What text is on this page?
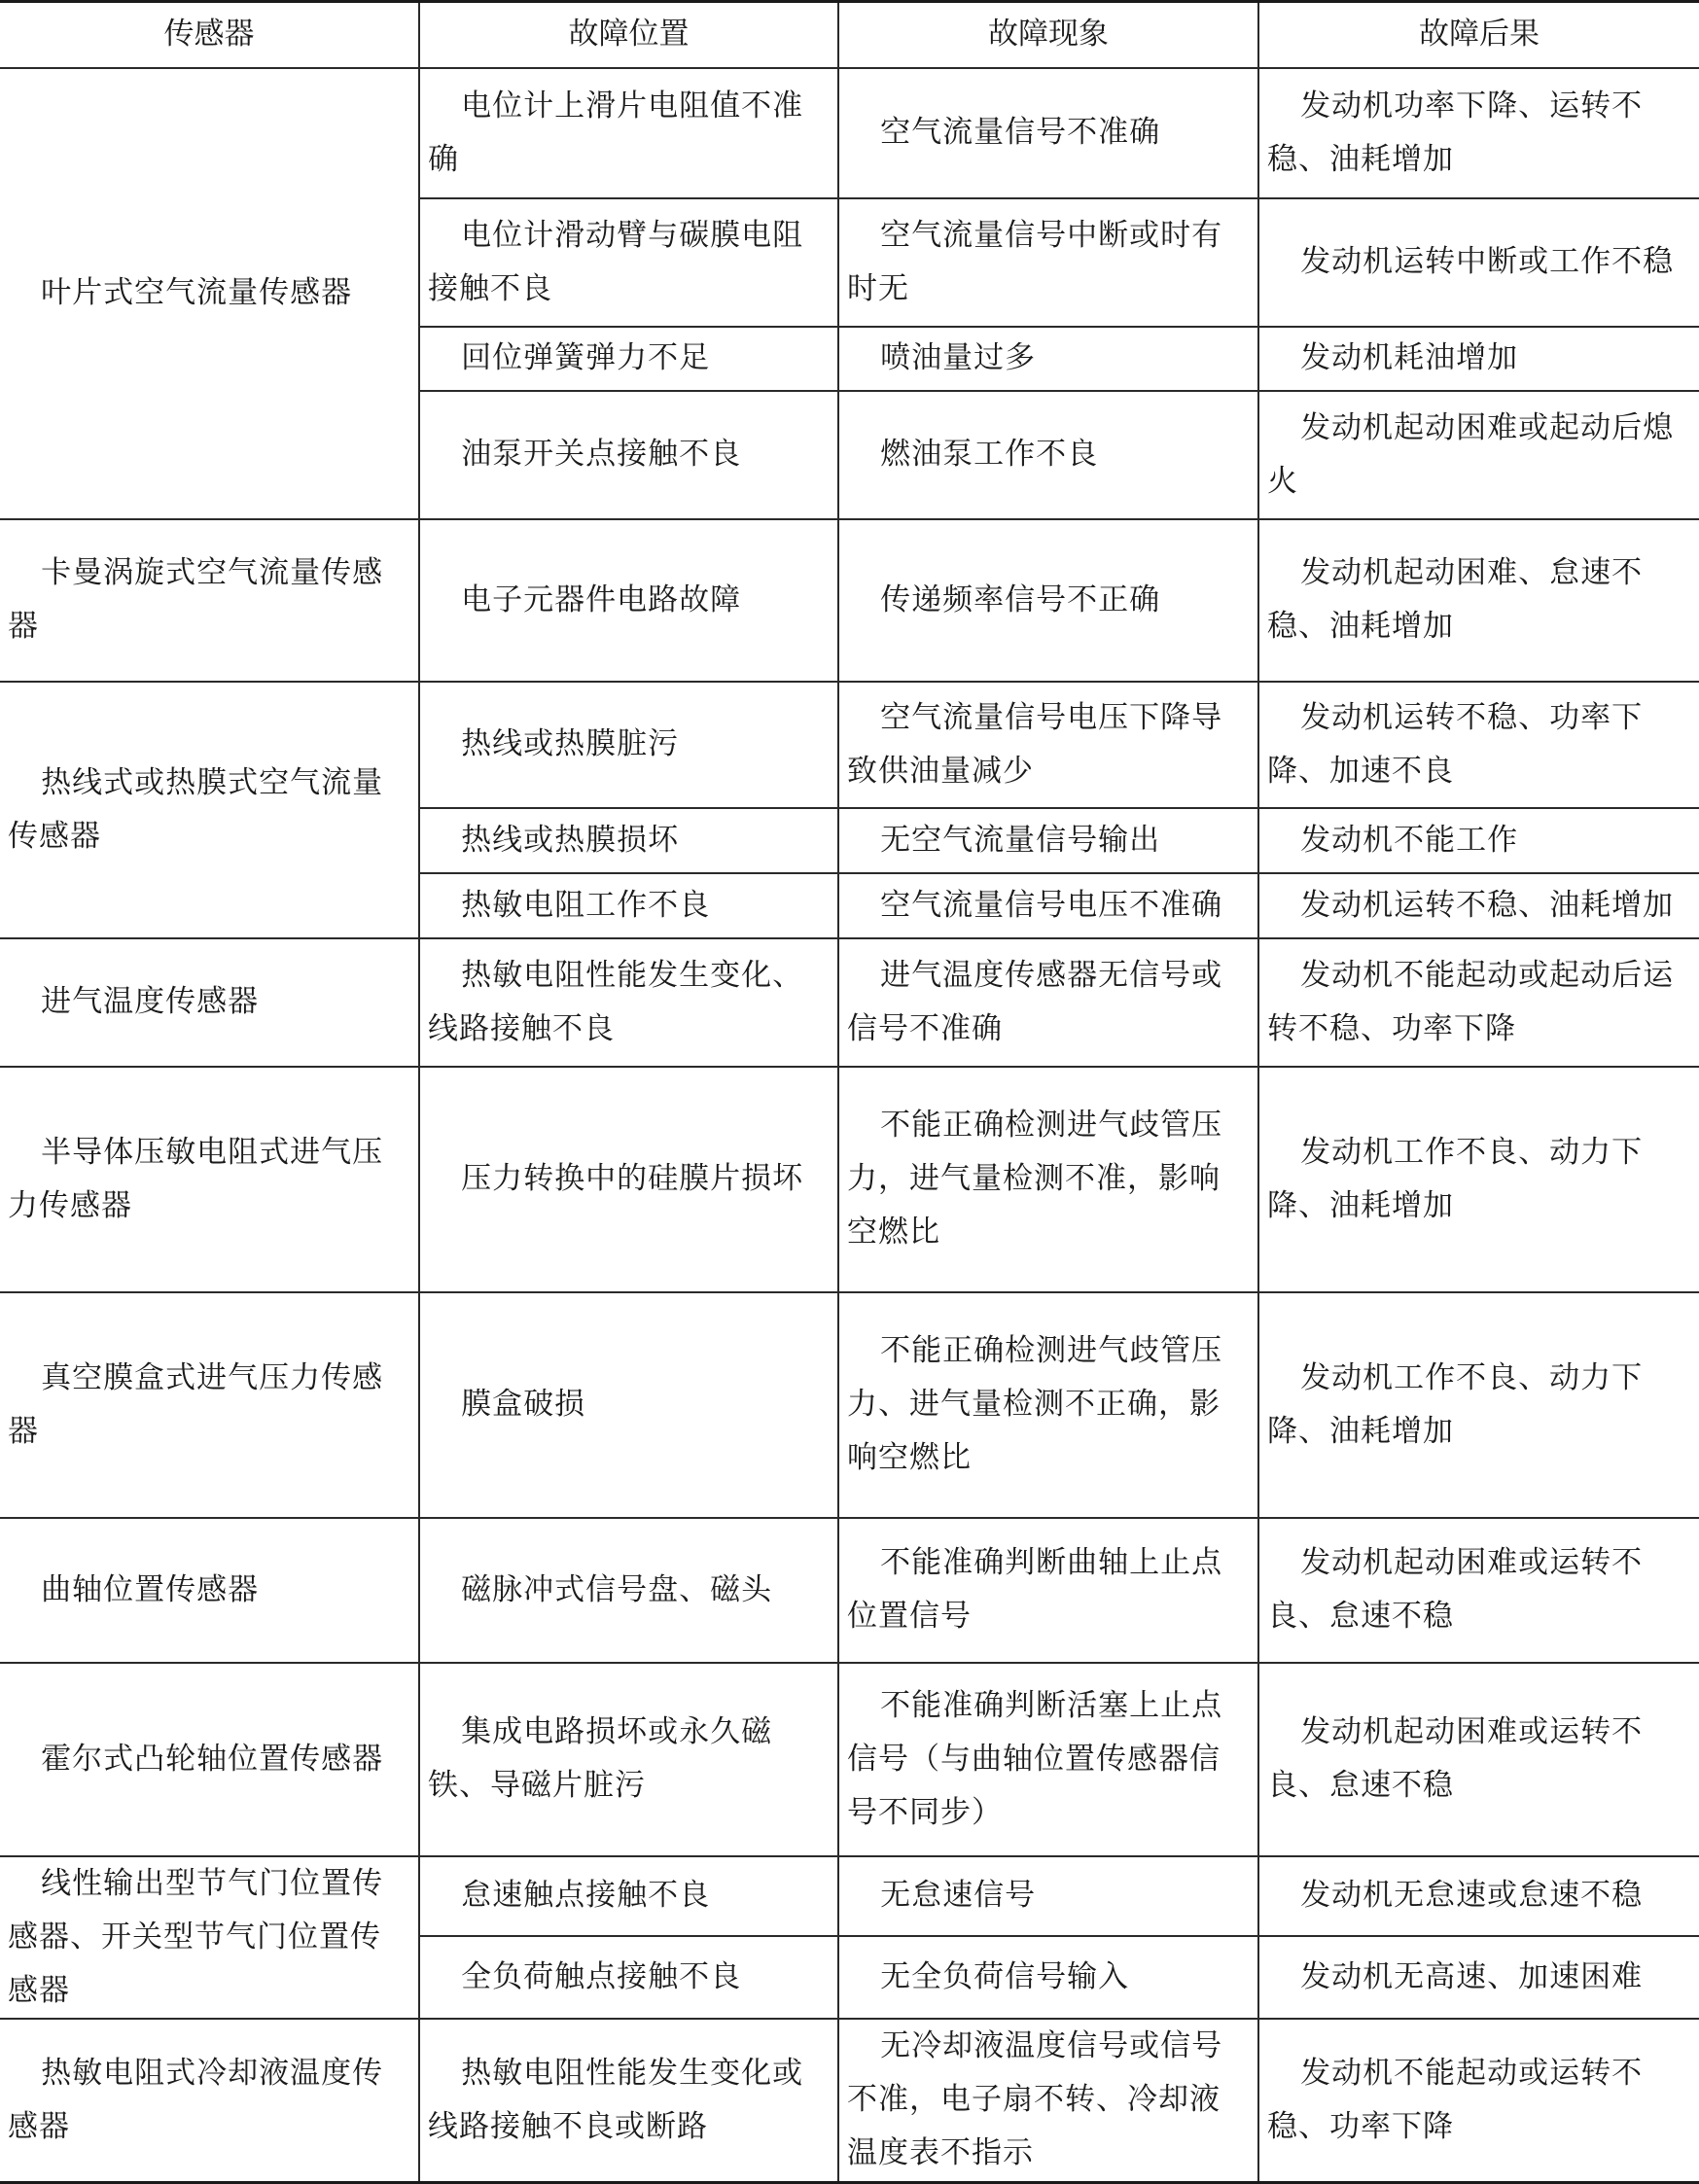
传感器	故障位置	故障现象	故障后果

叶片式空气流量传感器	电位计上滑片电阻值不准确	空气流量信号不准确	发动机功率下降、运转不稳、油耗增加

	电位计滑动臂与碳膜电阻接触不良	空气流量信号中断或时有时无	发动机运转中断或工作不稳

	回位弹簧弹力不足	喷油量过多	发动机耗油增加

	油泵开关点接触不良	燃油泵工作不良	发动机起动困难或起动后熄火

卡曼涡旋式空气流量传感器	电子元器件电路故障	传递频率信号不正确	发动机起动困难、怠速不稳、油耗增加

热线式或热膜式空气流量传感器	热线或热膜脏污	空气流量信号电压下降导致供油量减少	发动机运转不稳、功率下降、加速不良

	热线或热膜损坏	无空气流量信号输出	发动机不能工作

	热敏电阻工作不良	空气流量信号电压不准确	发动机运转不稳、油耗增加

进气温度传感器	热敏电阻性能发生变化、线路接触不良	进气温度传感器无信号或信号不准确	发动机不能起动或起动后运转不稳、功率下降

半导体压敏电阻式进气压力传感器	压力转换中的硅膜片损坏	不能正确检测进气歧管压力，进气量检测不准，影响空燃比	发动机工作不良、动力下降、油耗增加

真空膜盒式进气压力传感器	膜盒破损	不能正确检测进气歧管压力、进气量检测不正确，影响空燃比	发动机工作不良、动力下降、油耗增加

曲轴位置传感器	磁脉冲式信号盘、磁头	不能准确判断曲轴上止点位置信号	发动机起动困难或运转不良、怠速不稳

霍尔式凸轮轴位置传感器	集成电路损坏或永久磁铁、导磁片脏污	不能准确判断活塞上止点信号（与曲轴位置传感器信号不同步）	发动机起动困难或运转不良、怠速不稳

线性输出型节气门位置传感器、开关型节气门位置传感器	怠速触点接触不良	无怠速信号	发动机无怠速或怠速不稳

	全负荷触点接触不良	无全负荷信号输入	发动机无高速、加速困难

热敏电阻式冷却液温度传感器	热敏电阻性能发生变化或线路接触不良或断路	无冷却液温度信号或信号不准，电子扇不转、冷却液温度表不指示	发动机不能起动或运转不稳、功率下降
